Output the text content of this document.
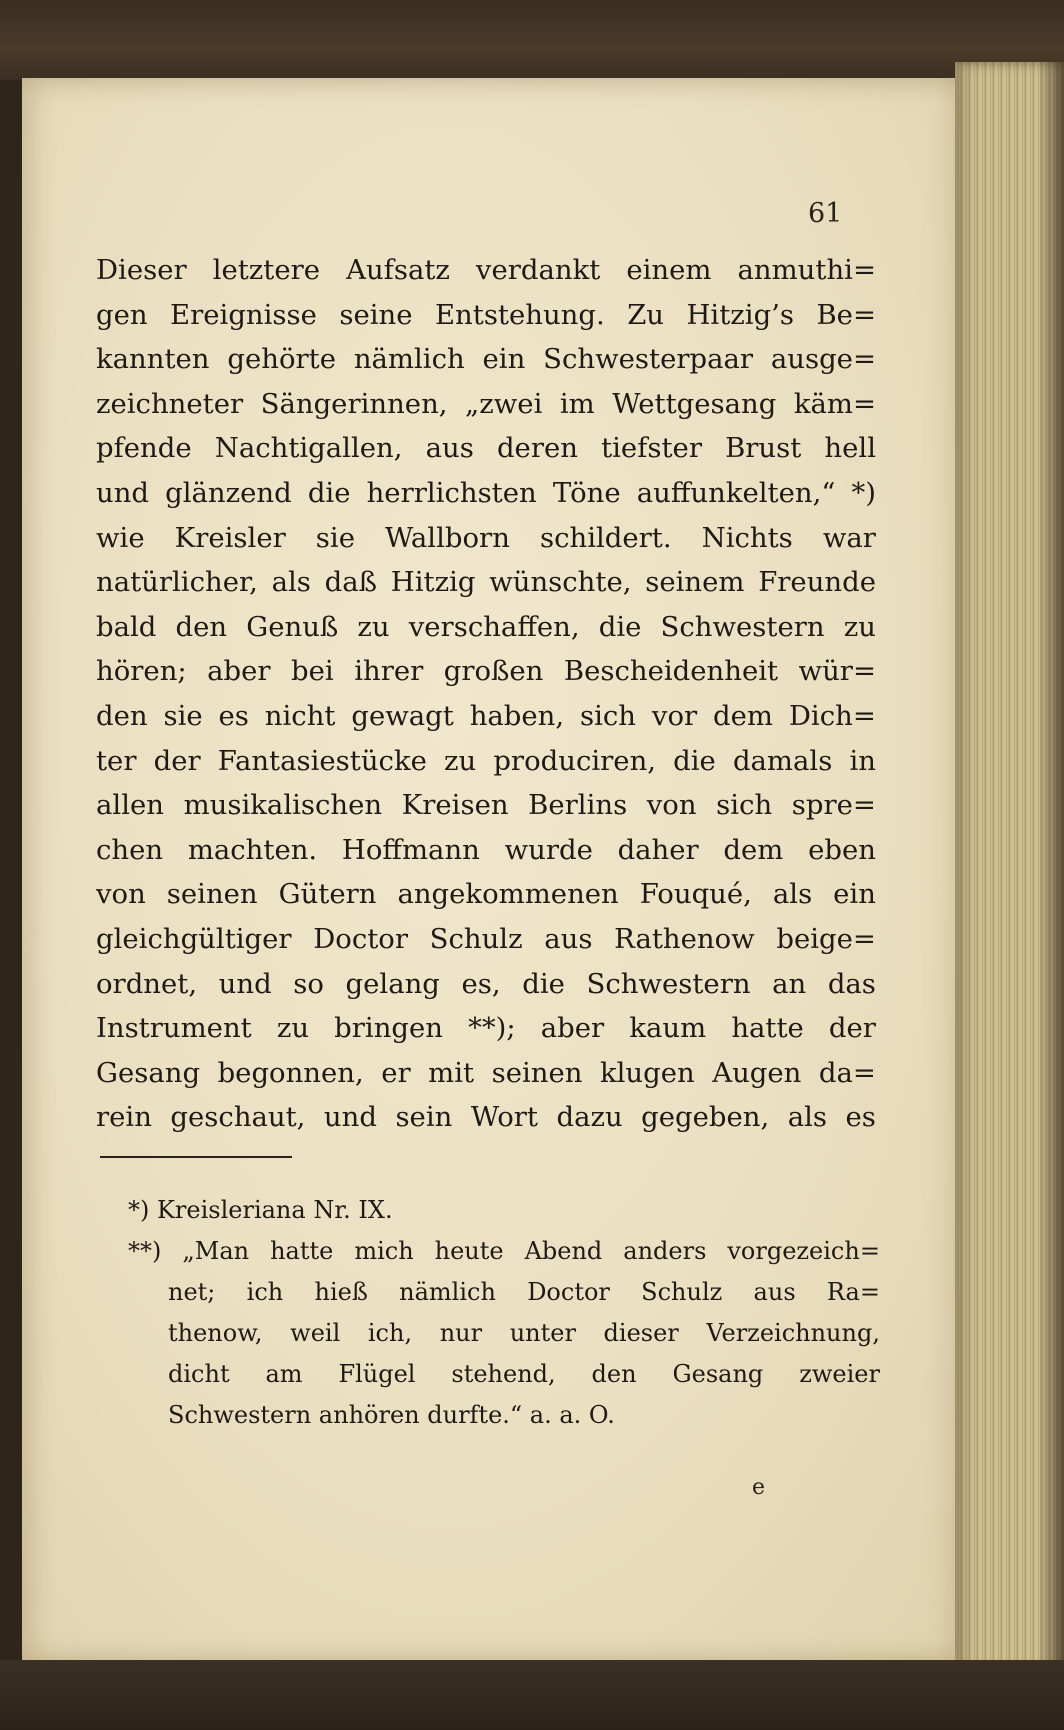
61
Dieser letztere Aufsatz verdankt einem anmuthi=
gen Ereignisse seine Entstehung. Zu Hitzig’s Be=
kannten gehörte nämlich ein Schwesterpaar ausge=
zeichneter Sängerinnen, „zwei im Wettgesang käm=
pfende Nachtigallen, aus deren tiefster Brust hell
und glänzend die herrlichsten Töne auffunkelten,“ *)
wie Kreisler sie Wallborn schildert. Nichts war
natürlicher, als daß Hitzig wünschte, seinem Freunde
bald den Genuß zu verschaffen, die Schwestern zu
hören; aber bei ihrer großen Bescheidenheit wür=
den sie es nicht gewagt haben, sich vor dem Dich=
ter der Fantasiestücke zu produciren, die damals in
allen musikalischen Kreisen Berlins von sich spre=
chen machten. Hoffmann wurde daher dem eben
von seinen Gütern angekommenen Fouqué, als ein
gleichgültiger Doctor Schulz aus Rathenow beige=
ordnet, und so gelang es, die Schwestern an das
Instrument zu bringen **); aber kaum hatte der
Gesang begonnen, er mit seinen klugen Augen da=
rein geschaut, und sein Wort dazu gegeben, als es
*) Kreisleriana Nr. IX.
**) „Man hatte mich heute Abend anders vorgezeich=
net; ich hieß nämlich Doctor Schulz aus Ra=
thenow, weil ich, nur unter dieser Verzeichnung,
dicht am Flügel stehend, den Gesang zweier
Schwestern anhören durfte.“ a. a. O.
e
